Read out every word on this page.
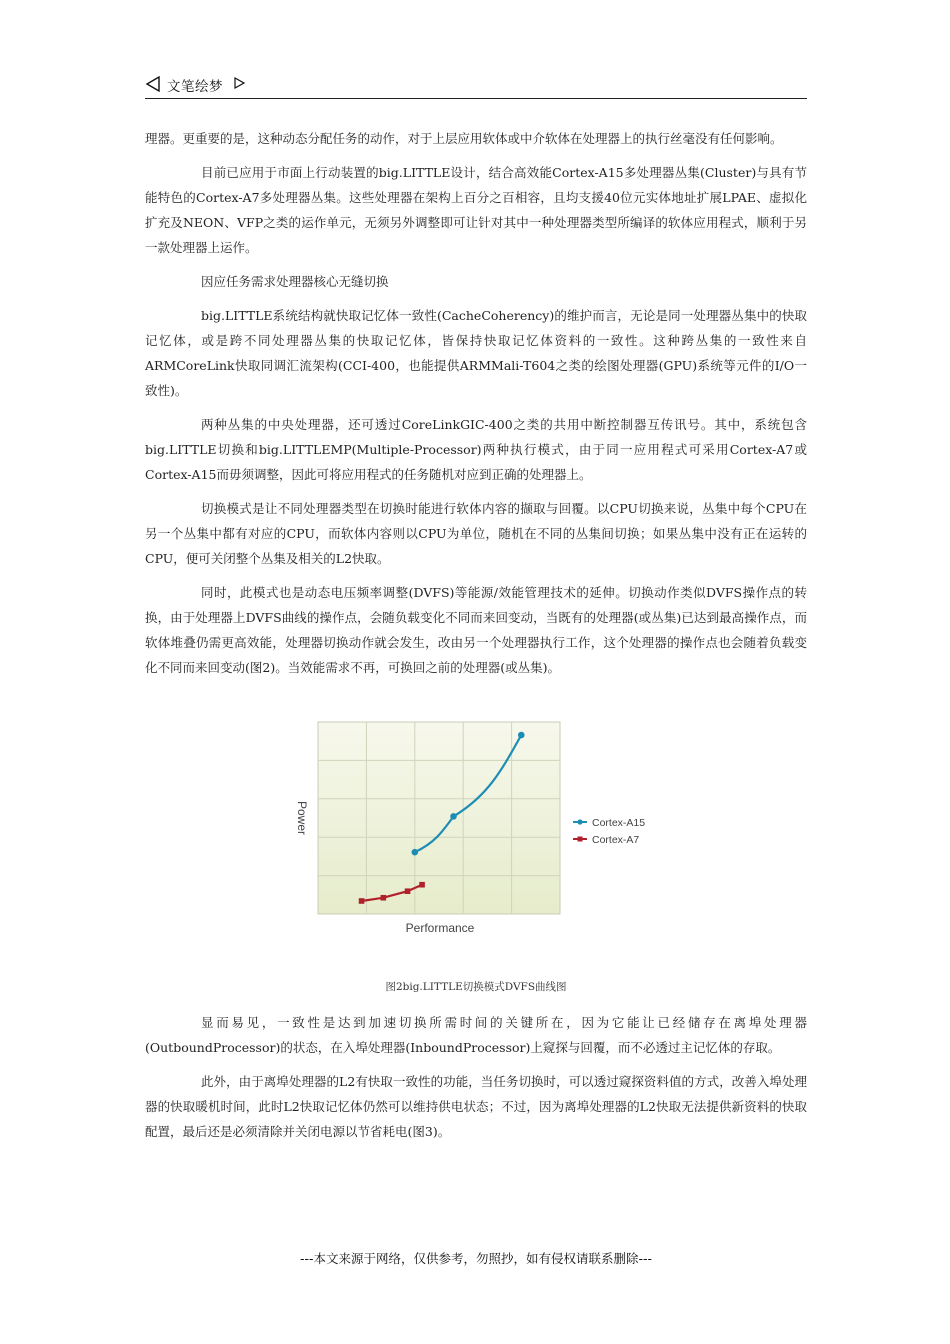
文笔绘梦

理器。更重要的是，这种动态分配任务的动作，对于上层应用软体或中介软体在处理器上的执行丝毫没有任何影响。

目前已应用于市面上行动装置的big.LITTLE设计，结合高效能Cortex-A15多处理器丛集(Cluster)与具有节能特色的Cortex-A7多处理器丛集。这些处理器在架构上百分之百相容，且均支援40位元实体地址扩展LPAE、虚拟化扩充及NEON、VFP之类的运作单元，无须另外调整即可让针对其中一种处理器类型所编译的软体应用程式，顺利于另一款处理器上运作。

因应任务需求处理器核心无缝切换

big.LITTLE系统结构就快取记忆体一致性(CacheCoherency)的维护而言，无论是同一处理器丛集中的快取记忆体，或是跨不同处理器丛集的快取记忆体，皆保持快取记忆体资料的一致性。这种跨丛集的一致性来自ARMCoreLink快取同调汇流架构(CCI-400，也能提供ARMMali-T604之类的绘图处理器(GPU)系统等元件的I/O一致性)。

两种丛集的中央处理器，还可透过CoreLinkGIC-400之类的共用中断控制器互传讯号。其中，系统包含big.LITTLE切换和big.LITTLEMP(Multiple-Processor)两种执行模式，由于同一应用程式可采用Cortex-A7或Cortex-A15而毋须调整，因此可将应用程式的任务随机对应到正确的处理器上。

切换模式是让不同处理器类型在切换时能进行软体内容的撷取与回覆。以CPU切换来说，丛集中每个CPU在另一个丛集中都有对应的CPU，而软体内容则以CPU为单位，随机在不同的丛集间切换；如果丛集中没有正在运转的CPU，便可关闭整个丛集及相关的L2快取。

同时，此模式也是动态电压频率调整(DVFS)等能源/效能管理技术的延伸。切换动作类似DVFS操作点的转换，由于处理器上DVFS曲线的操作点，会随负载变化不同而来回变动，当既有的处理器(或丛集)已达到最高操作点，而软体堆叠仍需更高效能，处理器切换动作就会发生，改由另一个处理器执行工作，这个处理器的操作点也会随着负载变化不同而来回变动(图2)。当效能需求不再，可换回之前的处理器(或丛集)。

Power
Performance
Cortex-A15
Cortex-A7
图2big.LITTLE切换模式DVFS曲线图

显而易见，一致性是达到加速切换所需时间的关键所在，因为它能让已经储存在离埠处理器(OutboundProcessor)的状态，在入埠处理器(InboundProcessor)上窥探与回覆，而不必透过主记忆体的存取。

此外，由于离埠处理器的L2有快取一致性的功能，当任务切换时，可以透过窥探资料值的方式，改善入埠处理器的快取暖机时间，此时L2快取记忆体仍然可以维持供电状态；不过，因为离埠处理器的L2快取无法提供新资料的快取配置，最后还是必须清除并关闭电源以节省耗电(图3)。

---本文来源于网络，仅供参考，勿照抄，如有侵权请联系删除---
